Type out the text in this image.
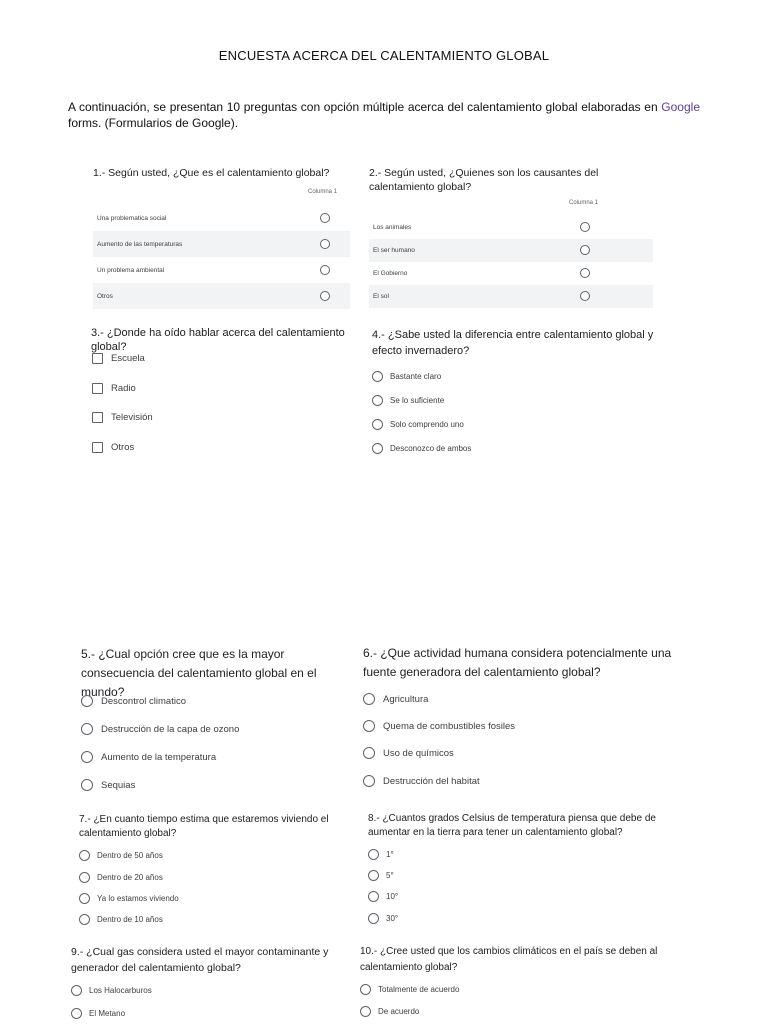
ENCUESTA ACERCA DEL CALENTAMIENTO GLOBAL
A continuación, se presentan 10 preguntas con opción múltiple acerca del calentamiento global elaboradas en Google forms. (Formularios de Google).
1.- Según usted, ¿Que es el calentamiento global?
Columna 1
Una problematica social
Aumento de las temperaturas
Un problema ambiental
Otros
2.- Según usted, ¿Quienes son los causantes del calentamiento global?
Columna 1
Los animales
El ser humano
El Gobierno
El sol
3.- ¿Donde ha oído hablar acerca del calentamiento global?
Escuela
Radio
Televisión
Otros
4.- ¿Sabe usted la diferencia entre calentamiento global y efecto invernadero?
Bastante claro
Se lo suficiente
Solo comprendo uno
Desconozco de ambos
5.- ¿Cual opción cree que es la mayor consecuencia del calentamiento global en el mundo?
Descontrol climatico
Destrucción de la capa de ozono
Aumento de la temperatura
Sequias
6.- ¿Que actividad humana considera potencialmente una fuente generadora del calentamiento global?
Agricultura
Quema de combustibles fosiles
Uso de químicos
Destrucción del habitat
7.- ¿En cuanto tiempo estima que estaremos viviendo el calentamiento global?
Dentro de 50 años
Dentro de 20 años
Ya lo estamos viviendo
Dentro de 10 años
8.- ¿Cuantos grados Celsius de temperatura piensa que debe de aumentar en la tierra para tener un calentamiento global?
1°
5°
10°
30°
9.- ¿Cual gas considera usted el mayor contaminante y generador del calentamiento global?
Los Halocarburos
El Metano
10.- ¿Cree usted que los cambios climáticos en el país se deben al calentamiento global?
Totalmente de acuerdo
De acuerdo
